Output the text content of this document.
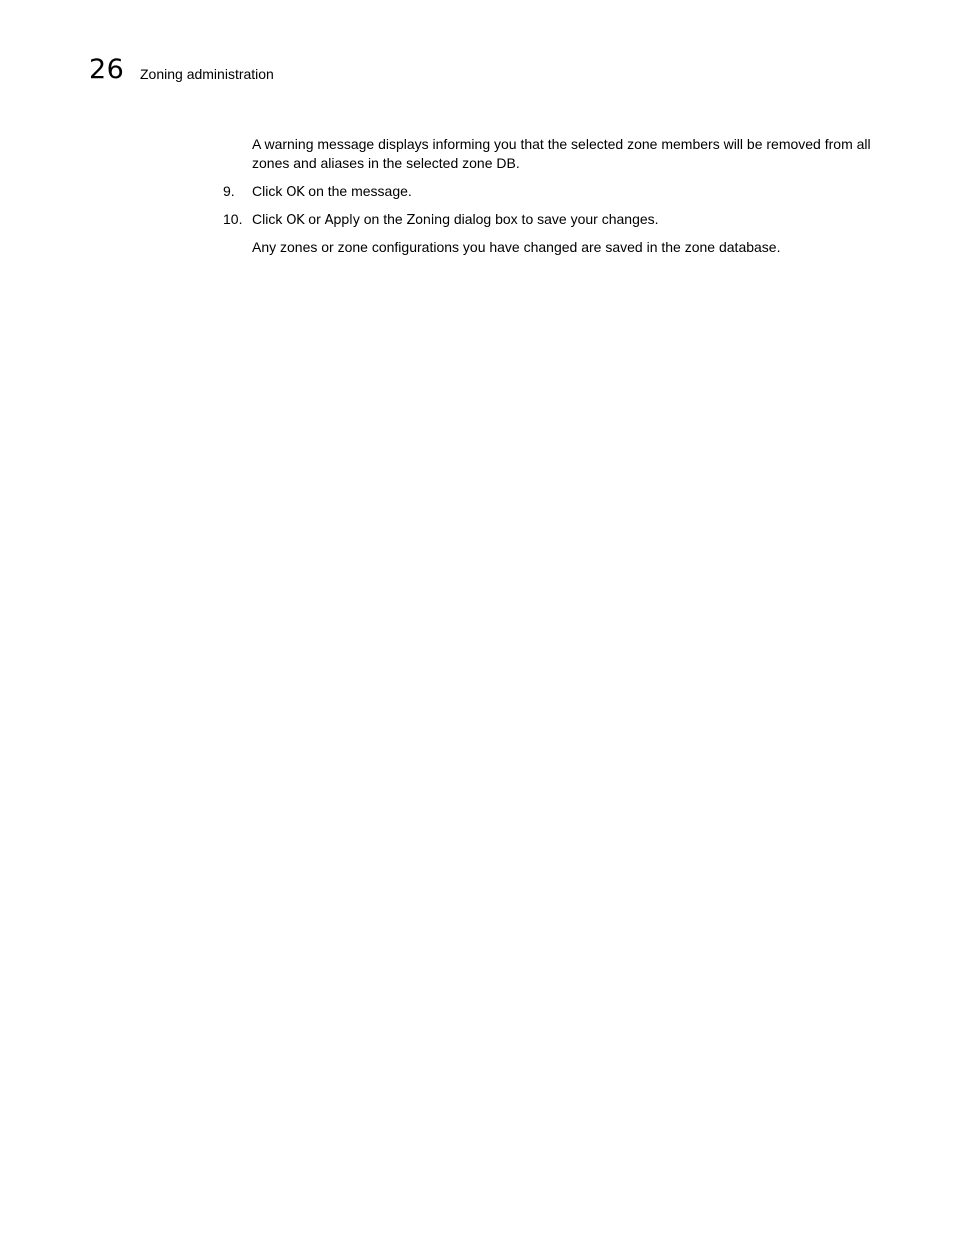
26 Zoning administration

A warning message displays informing you that the selected zone members will be removed from all zones and aliases in the selected zone DB.

9. Click OK on the message.
10. Click OK or Apply on the Zoning dialog box to save your changes.

Any zones or zone configurations you have changed are saved in the zone database.
